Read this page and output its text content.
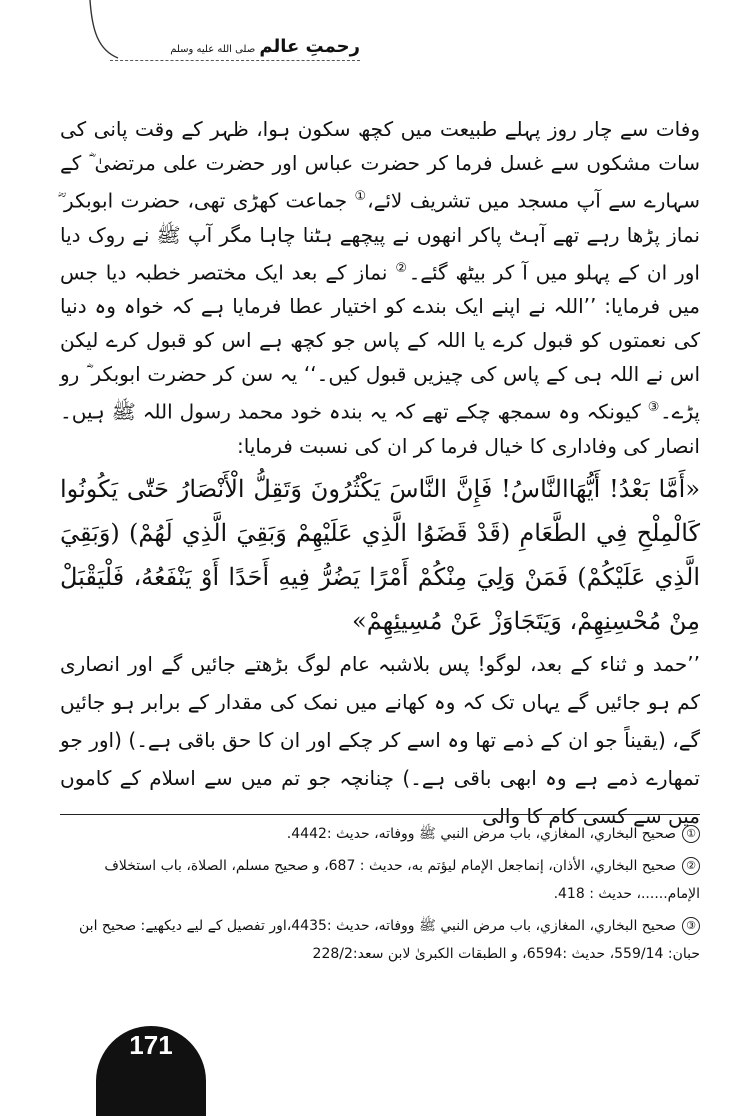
رحمتِ عالم صلى الله عليه وسلم

وفات سے چار روز پہلے طبیعت میں کچھ سکون ہوا، ظہر کے وقت پانی کی سات مشکوں سے غسل فرما کر حضرت عباس اور حضرت علی مرتضیٰ ؓ کے سہارے سے آپ مسجد میں تشریف لائے،① جماعت کھڑی تھی، حضرت ابوبکر ؓ نماز پڑھا رہے تھے آہٹ پاکر انھوں نے پیچھے ہٹنا چاہا مگر آپ ﷺ نے روک دیا اور ان کے پہلو میں آ کر بیٹھ گئے۔② نماز کے بعد ایک مختصر خطبہ دیا جس میں فرمایا: ’’اللہ نے اپنے ایک بندے کو اختیار عطا فرمایا ہے کہ خواہ وہ دنیا کی نعمتوں کو قبول کرے یا اللہ کے پاس جو کچھ ہے اس کو قبول کرے لیکن اس نے اللہ ہی کے پاس کی چیزیں قبول کیں۔‘‘ یہ سن کر حضرت ابوبکر ؓ رو پڑے۔③ کیونکہ وہ سمجھ چکے تھے کہ یہ بندہ خود محمد رسول اللہ ﷺ ہیں۔ انصار کی وفاداری کا خیال فرما کر ان کی نسبت فرمایا:

«أَمَّا بَعْدُ! أَيُّهَاالنَّاسُ! فَإِنَّ النَّاسَ يَكْثُرُونَ وَتَقِلُّ الْأَنْصَارُ حَتّٰى يَكُونُوا كَالْمِلْحِ فِي الطَّعَامِ (قَدْ قَضَوُا الَّذِي عَلَيْهِمْ وَبَقِيَ الَّذِي لَهُمْ) (وَبَقِيَ الَّذِي عَلَيْكُمْ) فَمَنْ وَلِيَ مِنْكُمْ أَمْرًا يَضُرُّ فِيهِ أَحَدًا أَوْ يَنْفَعُهُ، فَلْيَقْبَلْ مِنْ مُحْسِنِهِمْ، وَيَتَجَاوَزْ عَنْ مُسِيئِهِمْ»

’’حمد و ثناء کے بعد، لوگو! پس بلاشبہ عام لوگ بڑھتے جائیں گے اور انصاری کم ہو جائیں گے یہاں تک کہ وہ کھانے میں نمک کی مقدار کے برابر ہو جائیں گے، (یقیناً جو ان کے ذمے تھا وہ اسے کر چکے اور ان کا حق باقی ہے۔) (اور جو تمھارے ذمے ہے وہ ابھی باقی ہے۔) چنانچہ جو تم میں سے اسلام کے کاموں میں سے کسی کام کا والی

①صحيح البخاري، المغازي، باب مرض النبي ﷺ ووفاته، حديث :4442.

②صحيح البخاري، الأذان، إنماجعل الإمام ليؤتم به، حديث : 687، و صحيح مسلم، الصلاة، باب استخلاف الإمام......، حديث : 418.

③صحيح البخاري، المغازي، باب مرض النبي ﷺ ووفاته، حديث :4435،اور تفصیل کے لیے دیکھیے: صحيح ابن حبان: 559/14، حديث :6594، و الطبقات الكبرىٰ لابن سعد:228/2

171
